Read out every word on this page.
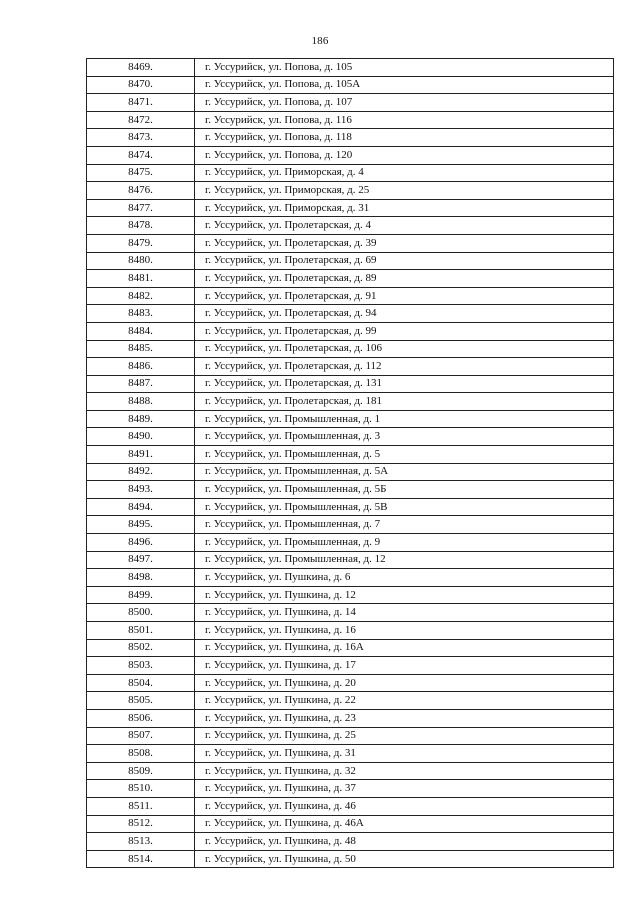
186
8469.	г. Уссурийск, ул. Попова, д. 105
8470.	г. Уссурийск, ул. Попова, д. 105А
8471.	г. Уссурийск, ул. Попова, д. 107
8472.	г. Уссурийск, ул. Попова, д. 116
8473.	г. Уссурийск, ул. Попова, д. 118
8474.	г. Уссурийск, ул. Попова, д. 120
8475.	г. Уссурийск, ул. Приморская, д. 4
8476.	г. Уссурийск, ул. Приморская, д. 25
8477.	г. Уссурийск, ул. Приморская, д. 31
8478.	г. Уссурийск, ул. Пролетарская, д. 4
8479.	г. Уссурийск, ул. Пролетарская, д. 39
8480.	г. Уссурийск, ул. Пролетарская, д. 69
8481.	г. Уссурийск, ул. Пролетарская, д. 89
8482.	г. Уссурийск, ул. Пролетарская, д. 91
8483.	г. Уссурийск, ул. Пролетарская, д. 94
8484.	г. Уссурийск, ул. Пролетарская, д. 99
8485.	г. Уссурийск, ул. Пролетарская, д. 106
8486.	г. Уссурийск, ул. Пролетарская, д. 112
8487.	г. Уссурийск, ул. Пролетарская, д. 131
8488.	г. Уссурийск, ул. Пролетарская, д. 181
8489.	г. Уссурийск, ул. Промышленная, д. 1
8490.	г. Уссурийск, ул. Промышленная, д. 3
8491.	г. Уссурийск, ул. Промышленная, д. 5
8492.	г. Уссурийск, ул. Промышленная, д. 5А
8493.	г. Уссурийск, ул. Промышленная, д. 5Б
8494.	г. Уссурийск, ул. Промышленная, д. 5В
8495.	г. Уссурийск, ул. Промышленная, д. 7
8496.	г. Уссурийск, ул. Промышленная, д. 9
8497.	г. Уссурийск, ул. Промышленная, д. 12
8498.	г. Уссурийск, ул. Пушкина, д. 6
8499.	г. Уссурийск, ул. Пушкина, д. 12
8500.	г. Уссурийск, ул. Пушкина, д. 14
8501.	г. Уссурийск, ул. Пушкина, д. 16
8502.	г. Уссурийск, ул. Пушкина, д. 16А
8503.	г. Уссурийск, ул. Пушкина, д. 17
8504.	г. Уссурийск, ул. Пушкина, д. 20
8505.	г. Уссурийск, ул. Пушкина, д. 22
8506.	г. Уссурийск, ул. Пушкина, д. 23
8507.	г. Уссурийск, ул. Пушкина, д. 25
8508.	г. Уссурийск, ул. Пушкина, д. 31
8509.	г. Уссурийск, ул. Пушкина, д. 32
8510.	г. Уссурийск, ул. Пушкина, д. 37
8511.	г. Уссурийск, ул. Пушкина, д. 46
8512.	г. Уссурийск, ул. Пушкина, д. 46А
8513.	г. Уссурийск, ул. Пушкина, д. 48
8514.	г. Уссурийск, ул. Пушкина, д. 50
